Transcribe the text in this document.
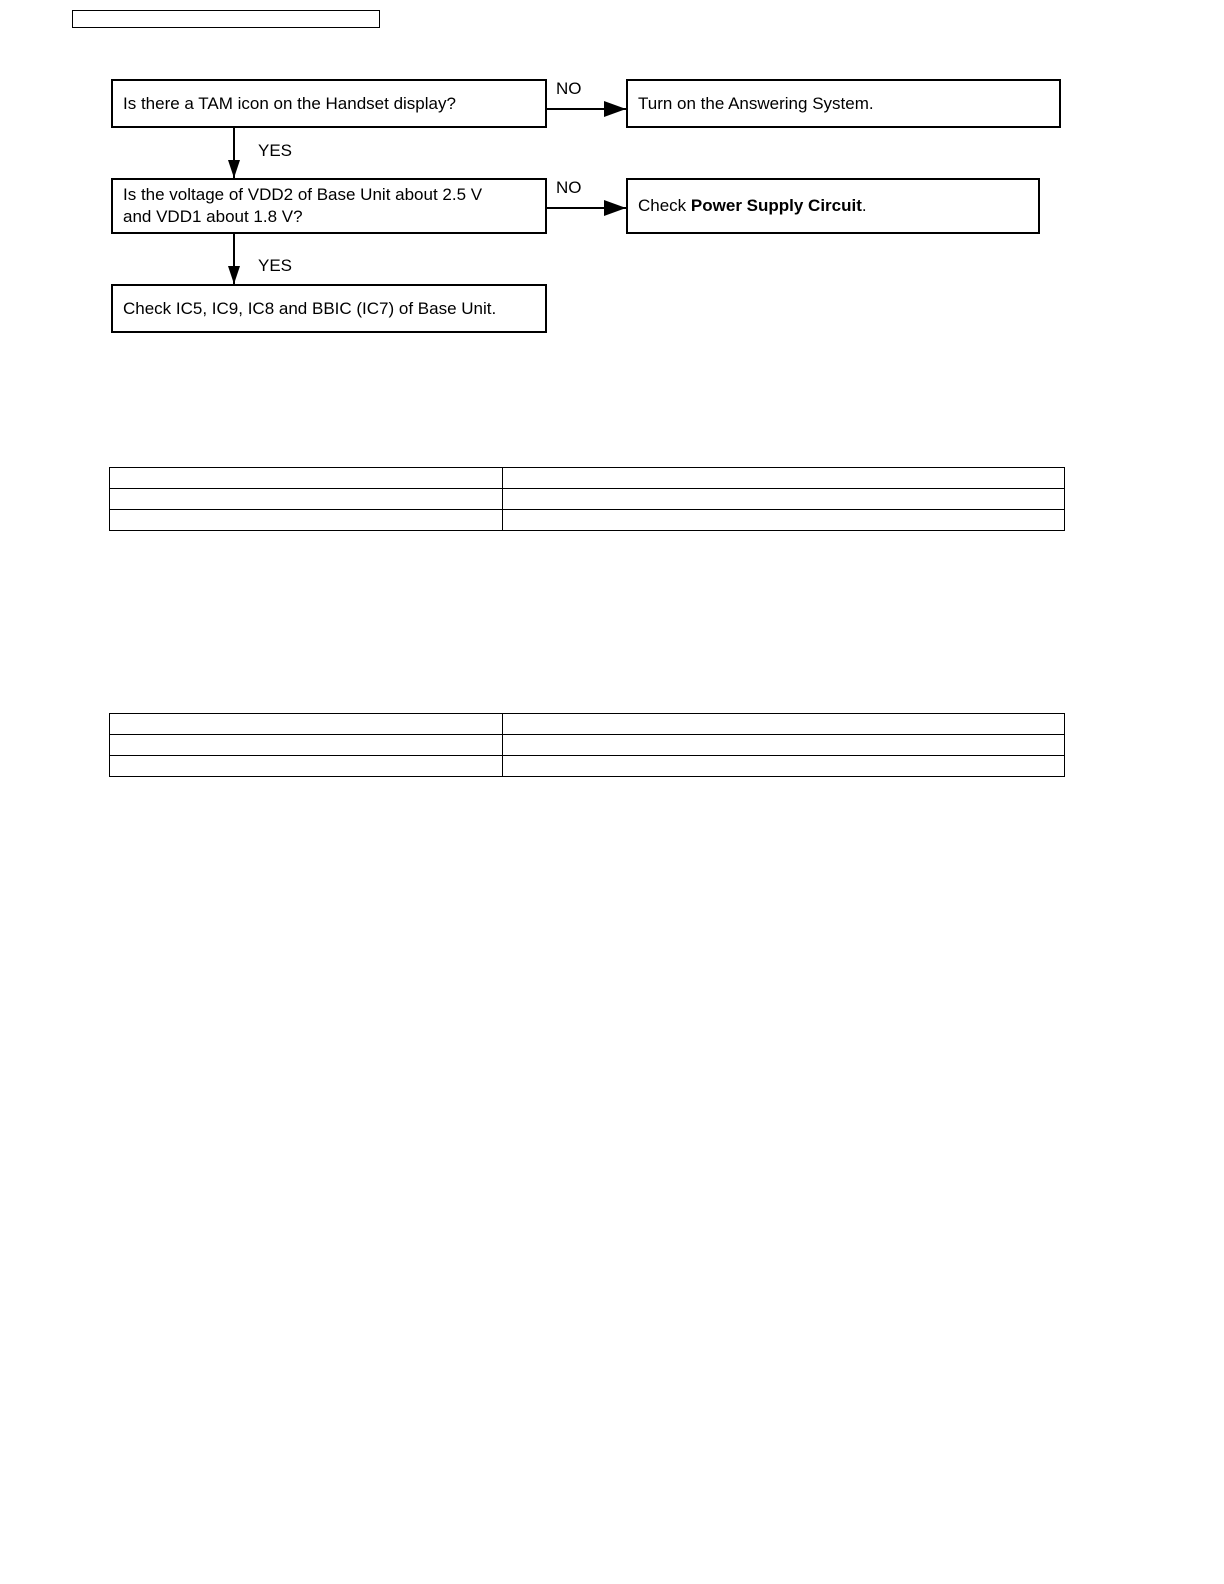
Is there a TAM icon on the Handset display?
NO
Turn on the Answering System.
YES
Is the voltage of VDD2 of Base Unit about 2.5 V
and VDD1 about 1.8 V?
NO
Check Power Supply Circuit.
YES
Check IC5, IC9, IC8 and BBIC (IC7) of Base Unit.
